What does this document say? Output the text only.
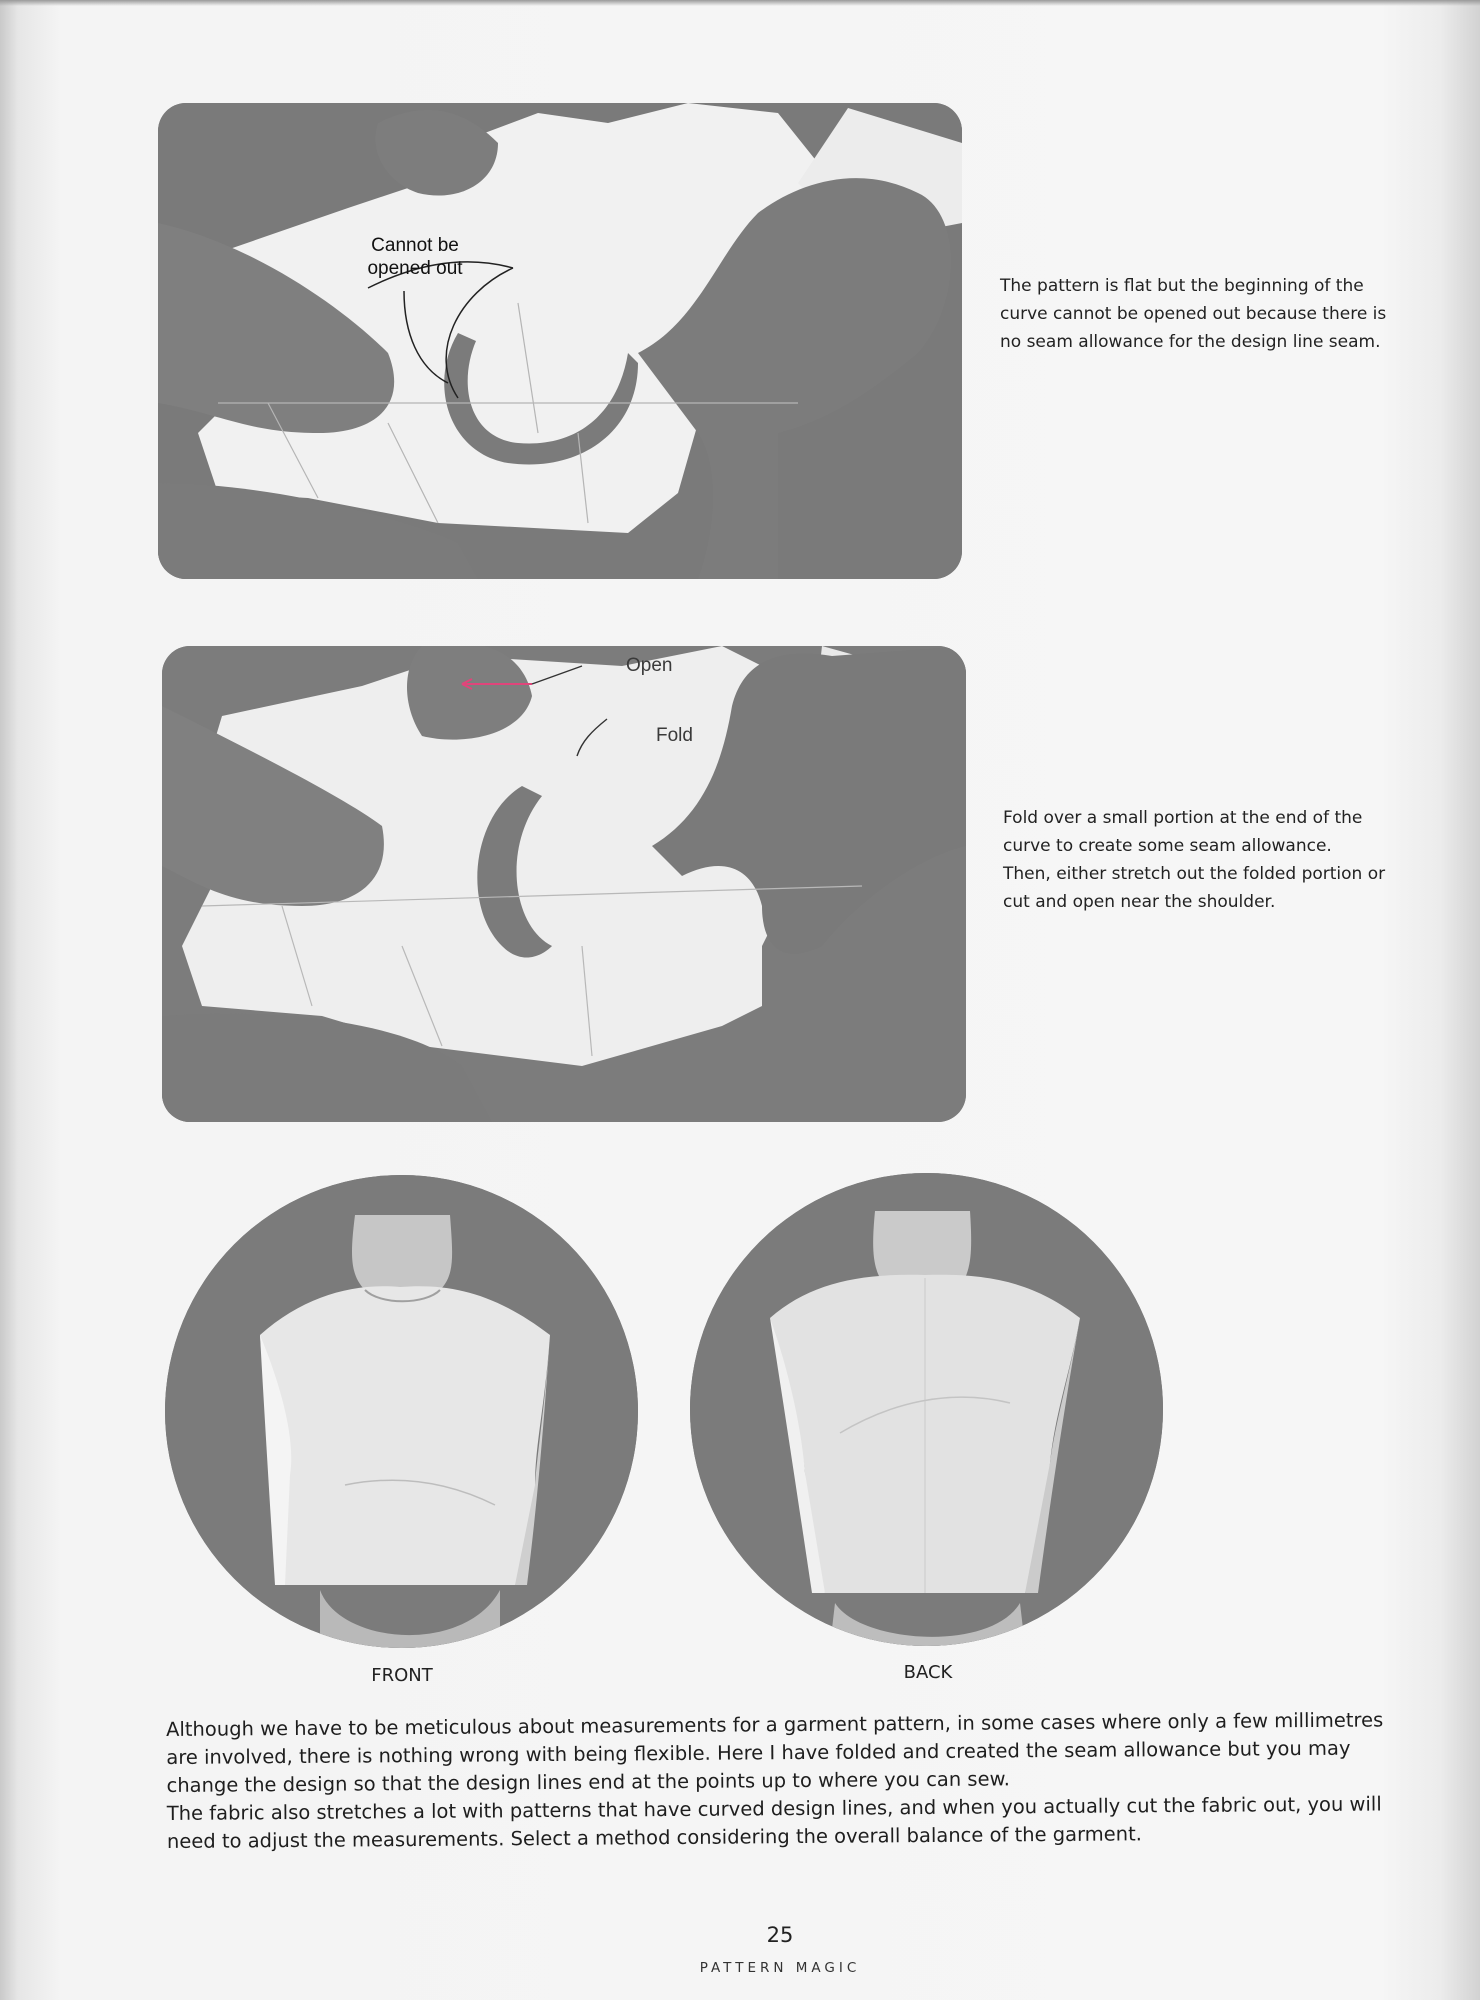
Cannot be
opened out

The pattern is flat but the beginning of the curve cannot be opened out because there is no seam allowance for the design line seam.

Open
Fold
Fold over a small portion at the end of the curve to create some seam allowance.
Then, either stretch out the folded portion or cut and open near the shoulder.
FRONT	BACK

Although we have to be meticulous about measurements for a garment pattern, in some cases where only a few millimetres are involved, there is nothing wrong with being flexible. Here I have folded and created the seam allowance but you may change the design so that the design lines end at the points up to where you can sew.

The fabric also stretches a lot with patterns that have curved design lines, and when you actually cut the fabric out, you will need to adjust the measurements. Select a method considering the overall balance of the garment.

25
PATTERN MAGIC
